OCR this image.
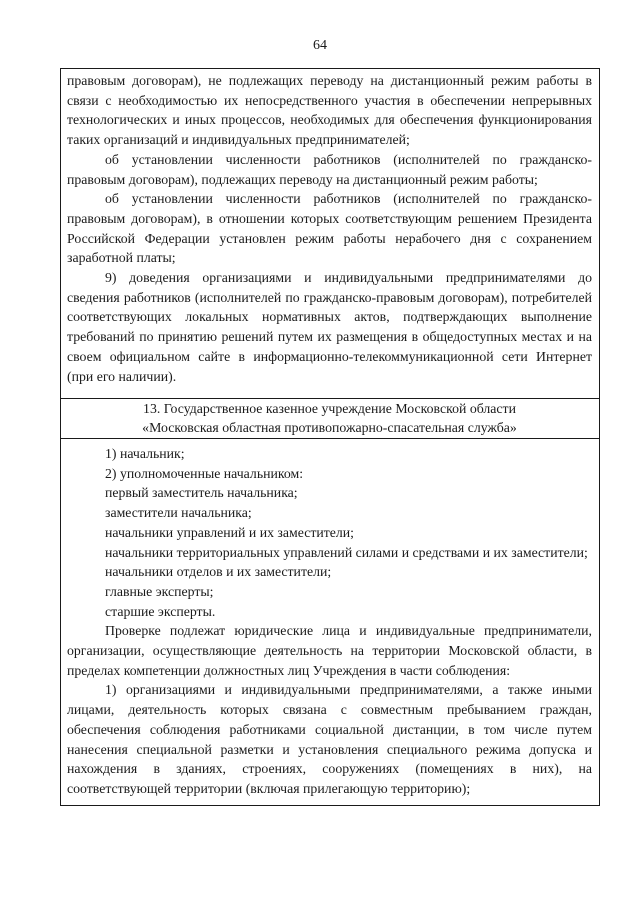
64

правовым договорам), не подлежащих переводу на дистанционный режим работы в связи с необходимостью их непосредственного участия в обеспечении непрерывных технологических и иных процессов, необходимых для обеспечения функционирования таких организаций и индивидуальных предпринимателей;

об установлении численности работников (исполнителей по гражданско-правовым договорам), подлежащих переводу на дистанционный режим работы;

об установлении численности работников (исполнителей по гражданско-правовым договорам), в отношении которых соответствующим решением Президента Российской Федерации установлен режим работы нерабочего дня с сохранением заработной платы;

9) доведения организациями и индивидуальными предпринимателями до сведения работников (исполнителей по гражданско-правовым договорам), потребителей соответствующих локальных нормативных актов, подтверждающих выполнение требований по принятию решений путем их размещения в общедоступных местах и на своем официальном сайте в информационно-телекоммуникационной сети Интернет (при его наличии).

13. Государственное казенное учреждение Московской области

«Московская областная противопожарно-спасательная служба»

1) начальник;

2) уполномоченные начальником:

первый заместитель начальника;

заместители начальника;

начальники управлений и их заместители;

начальники территориальных управлений силами и средствами и их заместители;

начальники отделов и их заместители;

главные эксперты;

старшие эксперты.

Проверке подлежат юридические лица и индивидуальные предприниматели, организации, осуществляющие деятельность на территории Московской области, в пределах компетенции должностных лиц Учреждения в части соблюдения:

1) организациями и индивидуальными предпринимателями, а также иными лицами, деятельность которых связана с совместным пребыванием граждан, обеспечения соблюдения работниками социальной дистанции, в том числе путем нанесения специальной разметки и установления специального режима допуска и нахождения в зданиях, строениях, сооружениях (помещениях в них), на соответствующей территории (включая прилегающую территорию);
